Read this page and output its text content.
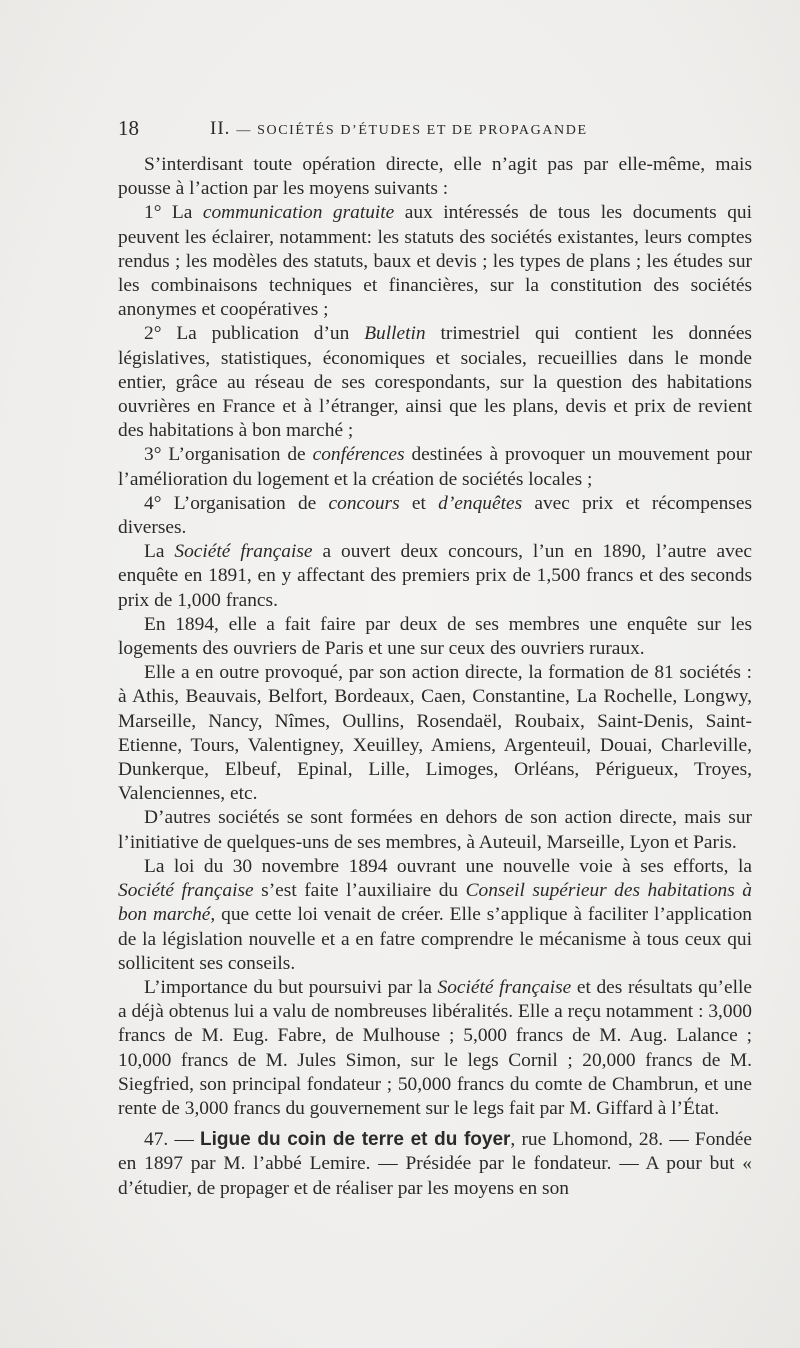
18	II. — SOCIÉTÉS D’ÉTUDES ET DE PROPAGANDE

S’interdisant toute opération directe, elle n’agit pas par elle-même, mais pousse à l’action par les moyens suivants :

1° La communication gratuite aux intéressés de tous les documents qui peuvent les éclairer, notamment: les statuts des sociétés existantes, leurs comptes rendus ; les modèles des statuts, baux et devis ; les types de plans ; les études sur les combinaisons techniques et financières, sur la constitution des sociétés anonymes et coopératives ;

2° La publication d’un Bulletin trimestriel qui contient les données législatives, statistiques, économiques et sociales, recueillies dans le monde entier, grâce au réseau de ses corespondants, sur la question des habitations ouvrières en France et à l’étranger, ainsi que les plans, devis et prix de revient des habitations à bon marché ;

3° L’organisation de conférences destinées à provoquer un mouvement pour l’amélioration du logement et la création de sociétés locales ;

4° L’organisation de concours et d’enquêtes avec prix et récompenses diverses.

La Société française a ouvert deux concours, l’un en 1890, l’autre avec enquête en 1891, en y affectant des premiers prix de 1,500 francs et des seconds prix de 1,000 francs.

En 1894, elle a fait faire par deux de ses membres une enquête sur les logements des ouvriers de Paris et une sur ceux des ouvriers ruraux.

Elle a en outre provoqué, par son action directe, la formation de 81 sociétés : à Athis, Beauvais, Belfort, Bordeaux, Caen, Constantine, La Rochelle, Longwy, Marseille, Nancy, Nîmes, Oullins, Rosendaël, Roubaix, Saint-Denis, Saint-Etienne, Tours, Valentigney, Xeuilley, Amiens, Argenteuil, Douai, Charleville, Dunkerque, Elbeuf, Epinal, Lille, Limoges, Orléans, Périgueux, Troyes, Valenciennes, etc.

D’autres sociétés se sont formées en dehors de son action directe, mais sur l’initiative de quelques-uns de ses membres, à Auteuil, Marseille, Lyon et Paris.

La loi du 30 novembre 1894 ouvrant une nouvelle voie à ses efforts, la Société française s’est faite l’auxiliaire du Conseil supérieur des habitations à bon marché, que cette loi venait de créer. Elle s’applique à faciliter l’application de la législation nouvelle et a en fatre comprendre le mécanisme à tous ceux qui sollicitent ses conseils.

L’importance du but poursuivi par la Société française et des résultats qu’elle a déjà obtenus lui a valu de nombreuses libéralités. Elle a reçu notamment : 3,000 francs de M. Eug. Fabre, de Mulhouse ; 5,000 francs de M. Aug. Lalance ; 10,000 francs de M. Jules Simon, sur le legs Cornil ; 20,000 francs de M. Siegfried, son principal fondateur ; 50,000 francs du comte de Chambrun, et une rente de 3,000 francs du gouvernement sur le legs fait par M. Giffard à l’État.

47. — Ligue du coin de terre et du foyer, rue Lhomond, 28. — Fondée en 1897 par M. l’abbé Lemire. — Présidée par le fondateur. — A pour but « d’étudier, de propager et de réaliser par les moyens en son
